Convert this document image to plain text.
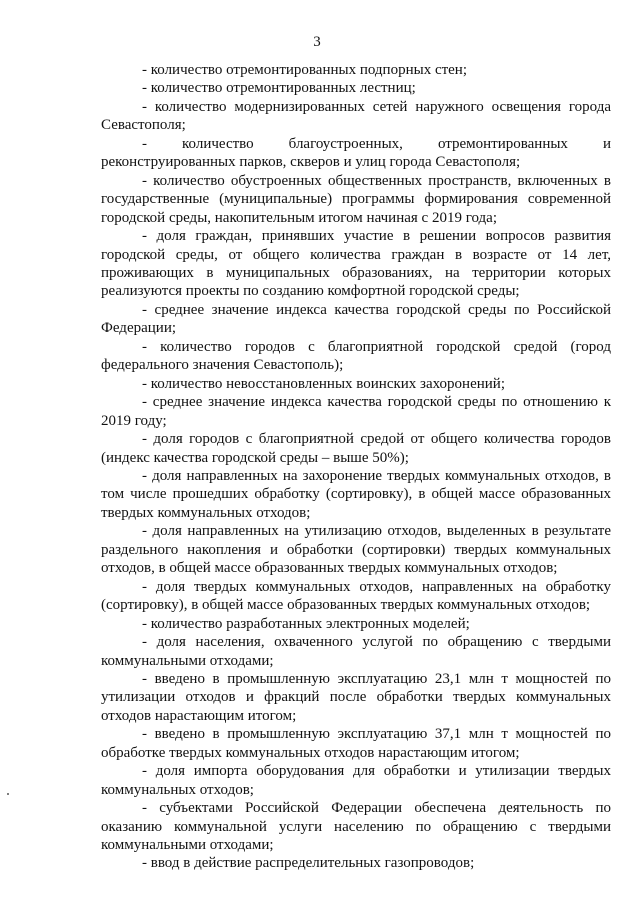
3

- количество отремонтированных подпорных стен;

- количество отремонтированных лестниц;

- количество модернизированных сетей наружного освещения города Севастополя;

- количество благоустроенных, отремонтированных и реконструированных парков, скверов и улиц города Севастополя;

- количество обустроенных общественных пространств, включенных в государственные (муниципальные) программы формирования современной городской среды, накопительным итогом начиная с 2019 года;

- доля граждан, принявших участие в решении вопросов развития городской среды, от общего количества граждан в возрасте от 14 лет, проживающих в муниципальных образованиях, на территории которых реализуются проекты по созданию комфортной городской среды;

- среднее значение индекса качества городской среды по Российской Федерации;

- количество городов с благоприятной городской средой (город федерального значения Севастополь);

- количество невосстановленных воинских захоронений;

- среднее значение индекса качества городской среды по отношению к 2019 году;

- доля городов с благоприятной средой от общего количества городов (индекс качества городской среды – выше 50%);

- доля направленных на захоронение твердых коммунальных отходов, в том числе прошедших обработку (сортировку), в общей массе образованных твердых коммунальных отходов;

- доля направленных на утилизацию отходов, выделенных в результате раздельного накопления и обработки (сортировки) твердых коммунальных отходов, в общей массе образованных твердых коммунальных отходов;

- доля твердых коммунальных отходов, направленных на обработку (сортировку), в общей массе образованных твердых коммунальных отходов;

- количество разработанных электронных моделей;

- доля населения, охваченного услугой по обращению с твердыми коммунальными отходами;

- введено в промышленную эксплуатацию 23,1 млн т мощностей по утилизации отходов и фракций после обработки твердых коммунальных отходов нарастающим итогом;

- введено в промышленную эксплуатацию 37,1 млн т мощностей по обработке твердых коммунальных отходов нарастающим итогом;

- доля импорта оборудования для обработки и утилизации твердых коммунальных отходов;

- субъектами Российской Федерации обеспечена деятельность по оказанию коммунальной услуги населению по обращению с твердыми коммунальными отходами;

- ввод в действие распределительных газопроводов;
